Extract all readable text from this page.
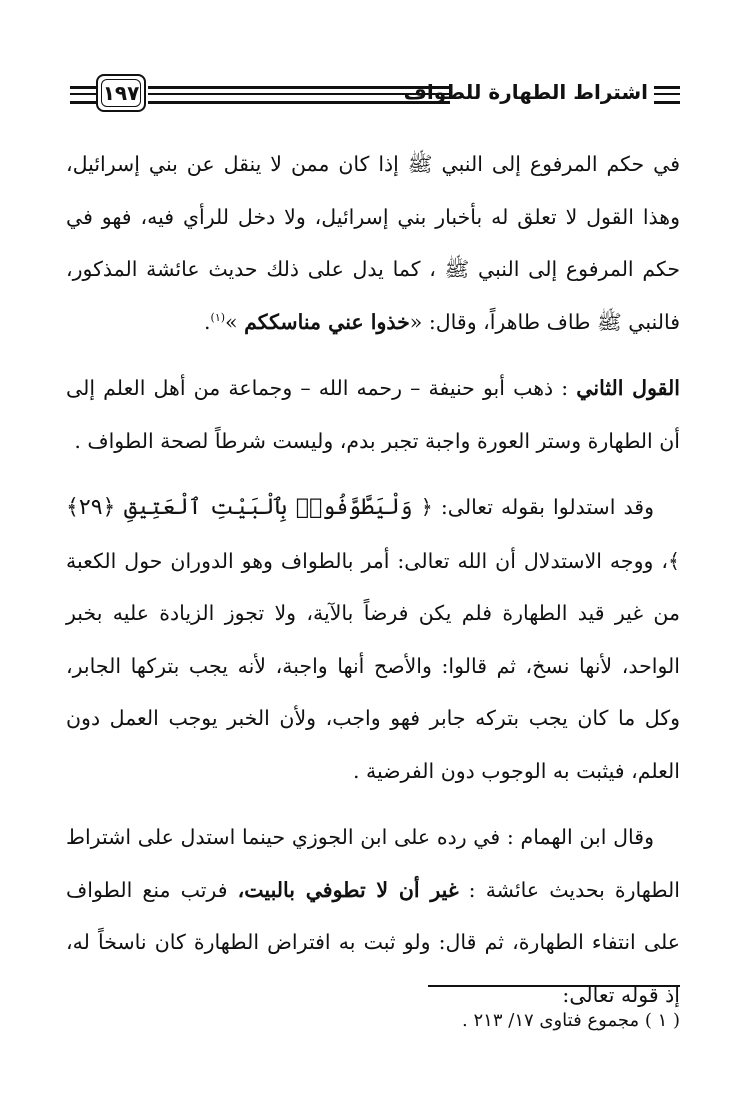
١٩٧	اشتراط الطهارة للطواف

في حكم المرفوع إلى النبي ﷺ إذا كان ممن لا ينقل عن بني إسرائيل، وهذا القول لا تعلق له بأخبار بني إسرائيل، ولا دخل للرأي فيه، فهو في حكم المرفوع إلى النبي ﷺ ، كما يدل على ذلك حديث عائشة المذكور، فالنبي ﷺ طاف طاهراً، وقال: «خذوا عني مناسككم »$^{(١)}$.

القول الثاني : ذهب أبو حنيفة – رحمه الله – وجماعة من أهل العلم إلى أن الطهارة وستر العورة واجبة تجبر بدم، وليست شرطاً لصحة الطواف .

وقد استدلوا بقوله تعالى: ﴿ وَلْيَطَّوَّفُوا۟ بِٱلْبَيْتِ ٱلْعَتِيقِ ﴿٢٩﴾ ﴾، ووجه الاستدلال أن الله تعالى: أمر بالطواف وهو الدوران حول الكعبة من غير قيد الطهارة فلم يكن فرضاً بالآية، ولا تجوز الزيادة عليه بخبر الواحد، لأنها نسخ، ثم قالوا: والأصح أنها واجبة، لأنه يجب بتركها الجابر، وكل ما كان يجب بتركه جابر فهو واجب، ولأن الخبر يوجب العمل دون العلم، فيثبت به الوجوب دون الفرضية .

وقال ابن الهمام : في رده على ابن الجوزي حينما استدل على اشتراط الطهارة بحديث عائشة : غير أن لا تطوفي بالبيت، فرتب منع الطواف على انتفاء الطهارة، ثم قال: ولو ثبت به افتراض الطهارة كان ناسخاً له، إذ قوله تعالى:

( ١ ) مجموع فتاوى ١٧/ ٢١٣ .
